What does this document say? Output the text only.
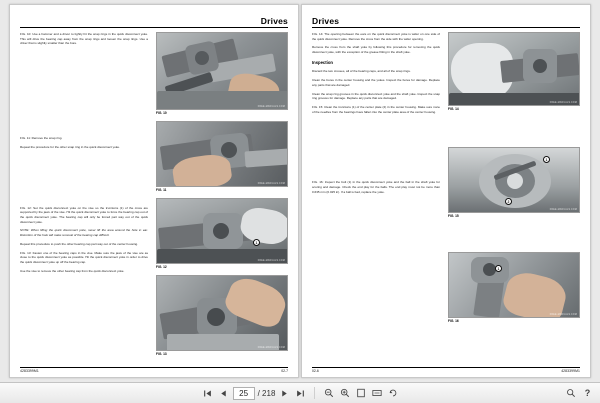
Drives

FIG. 10: Use a hammer and a driver to lightly hit the snap rings in the quick disconnect yoke. This will drive the bearing cap away from the snap rings and loosen the snap rings. Use a driver that is slightly smaller than the bore.

FIG. 11: Remove the snap ring.

Repeat the procedure for the other snap ring in the quick disconnect yoke.

FIG. 12: Set the quick disconnect yoke on the vise so the trunnions (1) of the cross are supported by the jaws of the vise. Hit the quick disconnect yoke to force the bearing cap out of the quick disconnect yoke. The bearing cap will only be forced part way out of the quick disconnect yoke.

NOTE: When lifting the quick disconnect yoke, never lift the area around the hole in ear. Distortion of the hole will make removal of the bearing cap difficult.

Repeat this procedure to push the other bearing cap part way out of the center housing.

FIG. 13: Fasten one of the bearing caps in the vise. Make sure the jaws of the vise are as close to the quick disconnect yoke as possible. Hit the quick disconnect yoke in order to drive the quick disconnect yoke up off the bearing cap.

Use the vise to remove the other bearing cap from the quick disconnect yoke.

FREE-MANUALS.COM
FIG. 10
FREE-MANUALS.COM
FIG. 11
1
FREE-MANUALS.COM
FIG. 12
FREE-MANUALS.COM
FIG. 13
4283399M1	02-7
Drives

FIG. 14: The opening between the ears on the quick disconnect yoke is wider on one side of the quick disconnect yoke. Remove the cross from the side with the wider opening.

Remove the cross from the shaft yoke by following this procedure for removing the quick disconnect yoke, with the exception of the grease fitting in the shaft yoke.

Inspection

Discard the two crosses, all of the bearing caps, and all of the snap rings.

Clean the bores in the center housing and the yokes. Inspect the bores for damage. Replace any parts that are damaged.

Clean the snap ring grooves in the quick disconnect yoke and the shaft yoke. Inspect the snap ring grooves for damage. Replace any parts that are damaged.

FIG. 15: Clean the trunnions (1) of the center plate (2) in the center housing. Make sure none of the needles from the bearings have fallen into the center plate area of the center housing.

FIG. 16: Inspect the bolt (1) in the quick disconnect yoke and the ball in the shaft yoke for scoring and damage. Check the end play for the balls. The end play must not be more than 0.635 mm (0.025 in). If a ball is bad, replace the yoke.

FREE-MANUALS.COM
FIG. 14
1
2
FREE-MANUALS.COM
FIG. 15
1
FREE-MANUALS.COM
FIG. 16
02-6	4283399M1
25
/ 218	?
